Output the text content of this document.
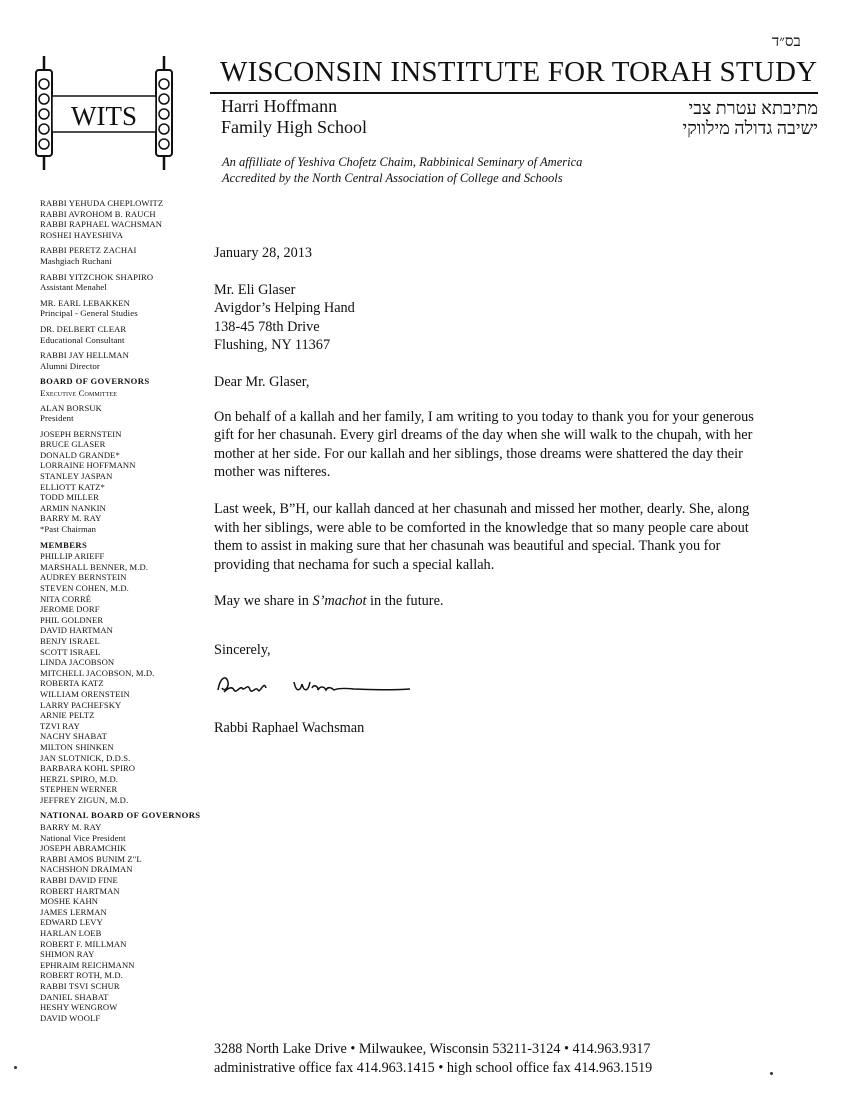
בס״ד
WITS
WISCONSIN INSTITUTE FOR TORAH STUDY
Harri Hoffmann
Family High School
מתיבתא עטרת צבי
ישיבה גדולה מילווקי
An affilliate of Yeshiva Chofetz Chaim, Rabbinical Seminary of America
Accredited by the North Central Association of College and Schools
RABBI YEHUDA CHEPLOWITZ
RABBI AVROHOM B. RAUCH
RABBI RAPHAEL WACHSMAN
ROSHEI HAYESHIVA
RABBI PERETZ ZACHAI
Mashgiach Ruchani
RABBI YITZCHOK SHAPIRO
Assistant Menahel
MR. EARL LEBAKKEN
Principal - General Studies
DR. DELBERT CLEAR
Educational Consultant
RABBI JAY HELLMAN
Alumni Director
BOARD OF GOVERNORS
Executive Committee
ALAN BORSUK
President
JOSEPH BERNSTEIN
BRUCE GLASER
DONALD GRANDE*
LORRAINE HOFFMANN
STANLEY JASPAN
ELLIOTT KATZ*
TODD MILLER
ARMIN NANKIN
BARRY M. RAY
*Past Chairman
MEMBERS
PHILLIP ARIEFF
MARSHALL BENNER, M.D.
AUDREY BERNSTEIN
STEVEN COHEN, M.D.
NITA CORRÉ
JEROME DORF
PHIL GOLDNER
DAVID HARTMAN
BENJY ISRAEL
SCOTT ISRAEL
LINDA JACOBSON
MITCHELL JACOBSON, M.D.
ROBERTA KATZ
WILLIAM ORENSTEIN
LARRY PACHEFSKY
ARNIE PELTZ
TZVI RAY
NACHY SHABAT
MILTON SHINKEN
JAN SLOTNICK, D.D.S.
BARBARA KOHL SPIRO
HERZL SPIRO, M.D.
STEPHEN WERNER
JEFFREY ZIGUN, M.D.
NATIONAL BOARD OF GOVERNORS
BARRY M. RAY
National Vice President
JOSEPH ABRAMCHIK
RABBI AMOS BUNIM Z"L
NACHSHON DRAIMAN
RABBI DAVID FINE
ROBERT HARTMAN
MOSHE KAHN
JAMES LERMAN
EDWARD LEVY
HARLAN LOEB
ROBERT F. MILLMAN
SHIMON RAY
EPHRAIM REICHMANN
ROBERT ROTH, M.D.
RABBI TSVI SCHUR
DANIEL SHABAT
HESHY WENGROW
DAVID WOOLF

January 28, 2013

Mr. Eli Glaser

Avigdor’s Helping Hand

138-45 78th Drive

Flushing, NY 11367

Dear Mr. Glaser,

On behalf of a kallah and her family, I am writing to you today to thank you for your generous gift for her chasunah. Every girl dreams of the day when she will walk to the chupah, with her mother at her side. For our kallah and her siblings, those dreams were shattered the day their mother was nifteres.

Last week, B”H, our kallah danced at her chasunah and missed her mother, dearly. She, along with her siblings, were able to be comforted in the knowledge that so many people care about them to assist in making sure that her chasunah was beautiful and special. Thank you for providing that nechama for such a special kallah.

May we share in S’machot in the future.

Sincerely,

Rabbi Raphael Wachsman
3288 North Lake Drive • Milwaukee, Wisconsin 53211-3124 • 414.963.9317
administrative office fax 414.963.1415 • high school office fax 414.963.1519
